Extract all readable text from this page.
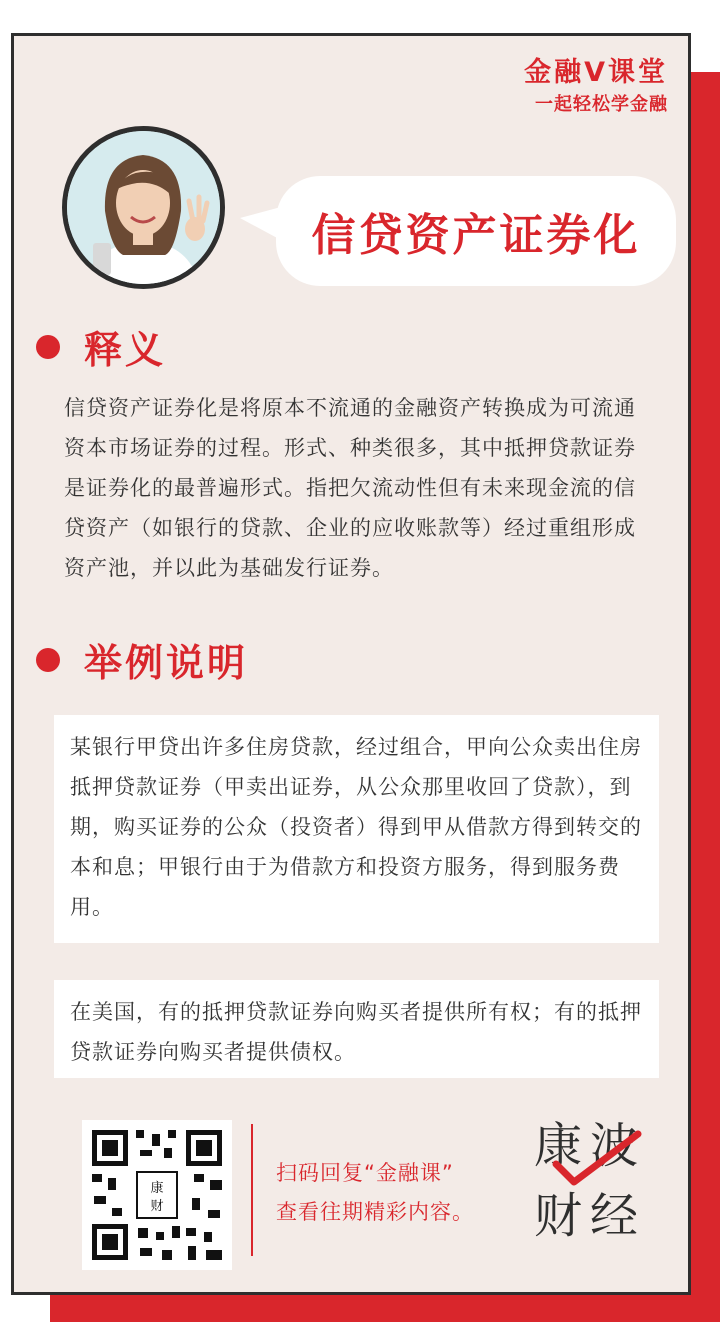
金融V课堂
一起轻松学金融
信贷资产证券化
释义

信贷资产证券化是将原本不流通的金融资产转换成为可流通资本市场证券的过程。形式、种类很多，其中抵押贷款证券是证券化的最普遍形式。指把欠流动性但有未来现金流的信贷资产（如银行的贷款、企业的应收账款等）经过重组形成资产池，并以此为基础发行证券。

举例说明

某银行甲贷出许多住房贷款，经过组合，甲向公众卖出住房抵押贷款证券（甲卖出证券，从公众那里收回了贷款），到期，购买证券的公众（投资者）得到甲从借款方得到转交的本和息；甲银行由于为借款方和投资方服务，得到服务费用。

在美国，有的抵押贷款证券向购买者提供所有权；有的抵押贷款证券向购买者提供债权。

康
财

扫码回复“金融课”

查看往期精彩内容。

康 波
财 经
